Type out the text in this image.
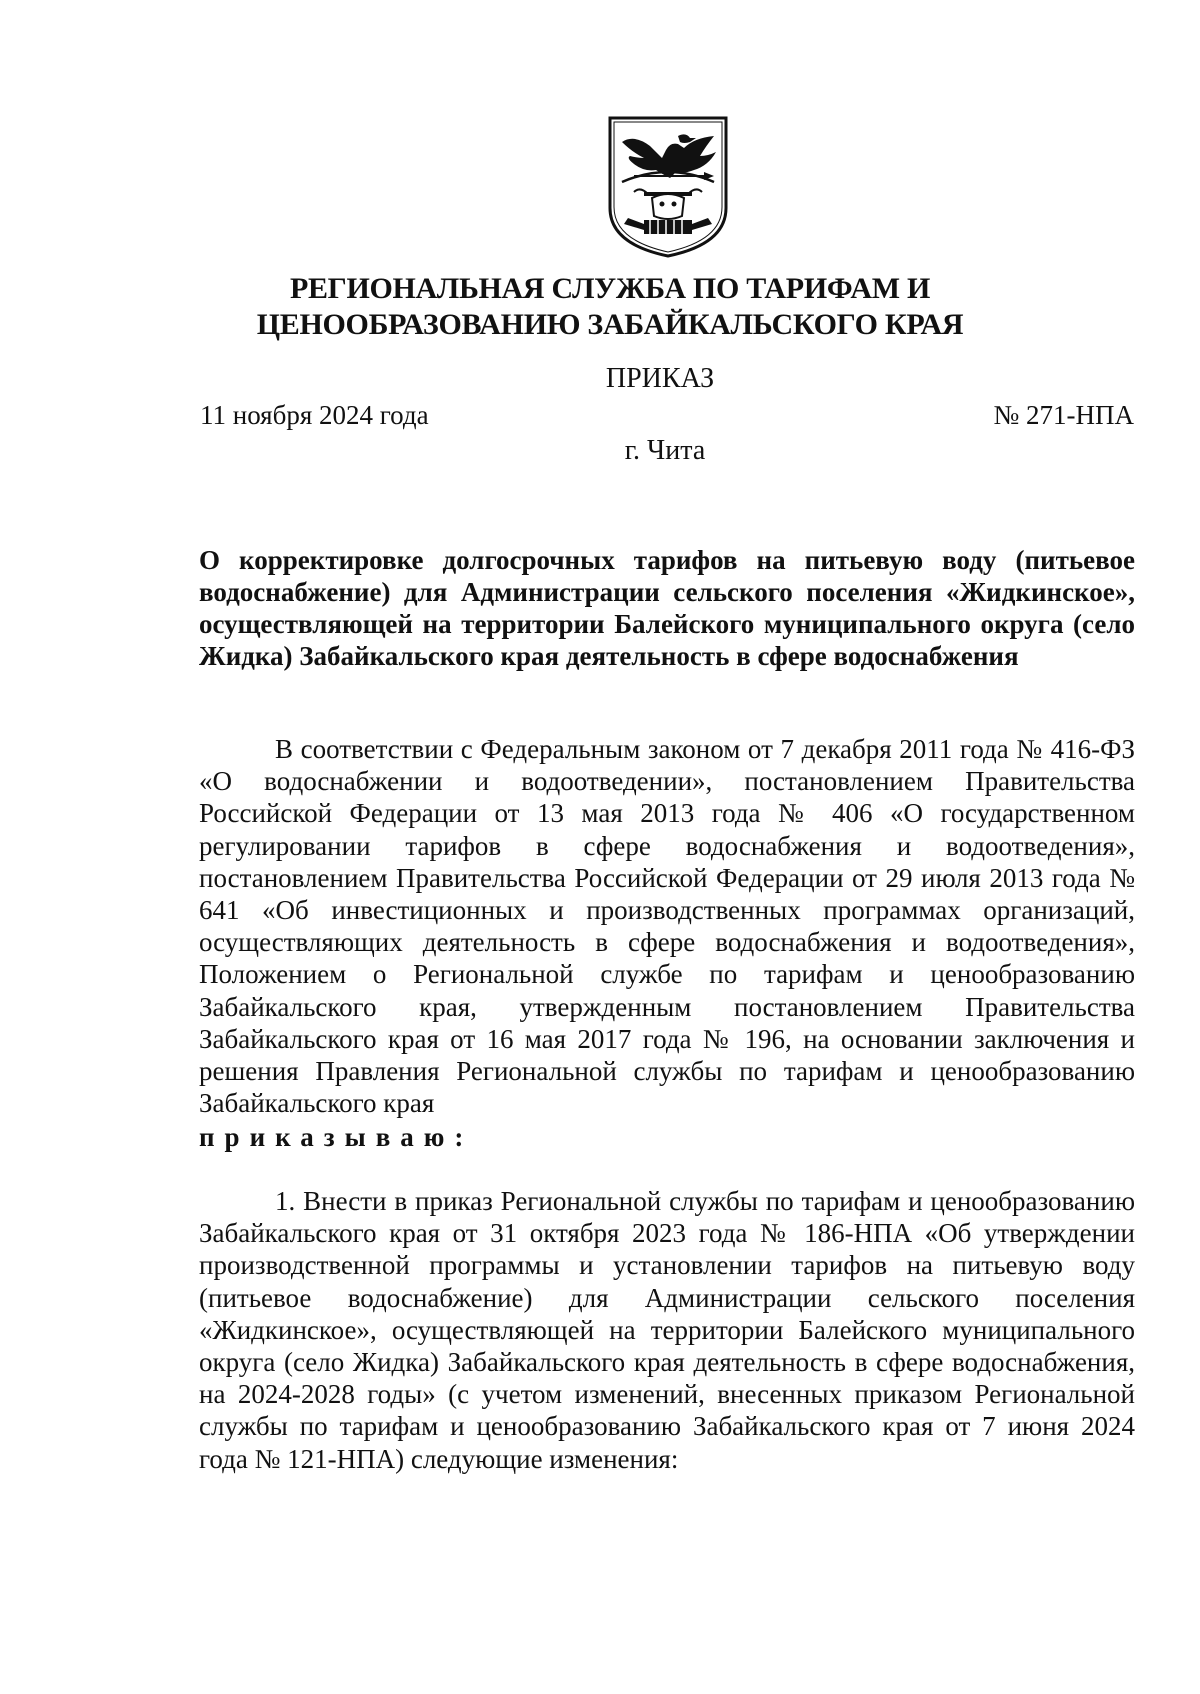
РЕГИОНАЛЬНАЯ СЛУЖБА ПО ТАРИФАМ И
ЦЕНООБРАЗОВАНИЮ ЗАБАЙКАЛЬСКОГО КРАЯ
ПРИКАЗ
11 ноября 2024 года	№ 271-НПА
г. Чита
О корректировке долгосрочных тарифов на питьевую воду (питьевое водоснабжение) для Администрации сельского поселения «Жидкинское», осуществляющей на территории Балейского муниципального округа (село Жидка) Забайкальского края деятельность в сфере водоснабжения
В соответствии с Федеральным законом от 7 декабря 2011 года № 416-ФЗ «О водоснабжении и водоотведении», постановлением Правительства Российской Федерации от 13 мая 2013 года № 406 «О государственном регулировании тарифов в сфере водоснабжения и водоотведения», постановлением Правительства Российской Федерации от 29 июля 2013 года № 641 «Об инвестиционных и производственных программах организаций, осуществляющих деятельность в сфере водоснабжения и водоотведения», Положением о Региональной службе по тарифам и ценообразованию Забайкальского края, утвержденным постановлением Правительства Забайкальского края от 16 мая 2017 года № 196, на основании заключения и решения Правления Региональной службы по тарифам и ценообразованию Забайкальского края
приказываю:
1. Внести в приказ Региональной службы по тарифам и ценообразованию Забайкальского края от 31 октября 2023 года № 186-НПА «Об утверждении производственной программы и установлении тарифов на питьевую воду (питьевое водоснабжение) для Администрации сельского поселения «Жидкинское», осуществляющей на территории Балейского муниципального округа (село Жидка) Забайкальского края деятельность в сфере водоснабжения, на 2024-2028 годы» (с учетом изменений, внесенных приказом Региональной службы по тарифам и ценообразованию Забайкальского края от 7 июня 2024 года № 121-НПА) следующие изменения:
